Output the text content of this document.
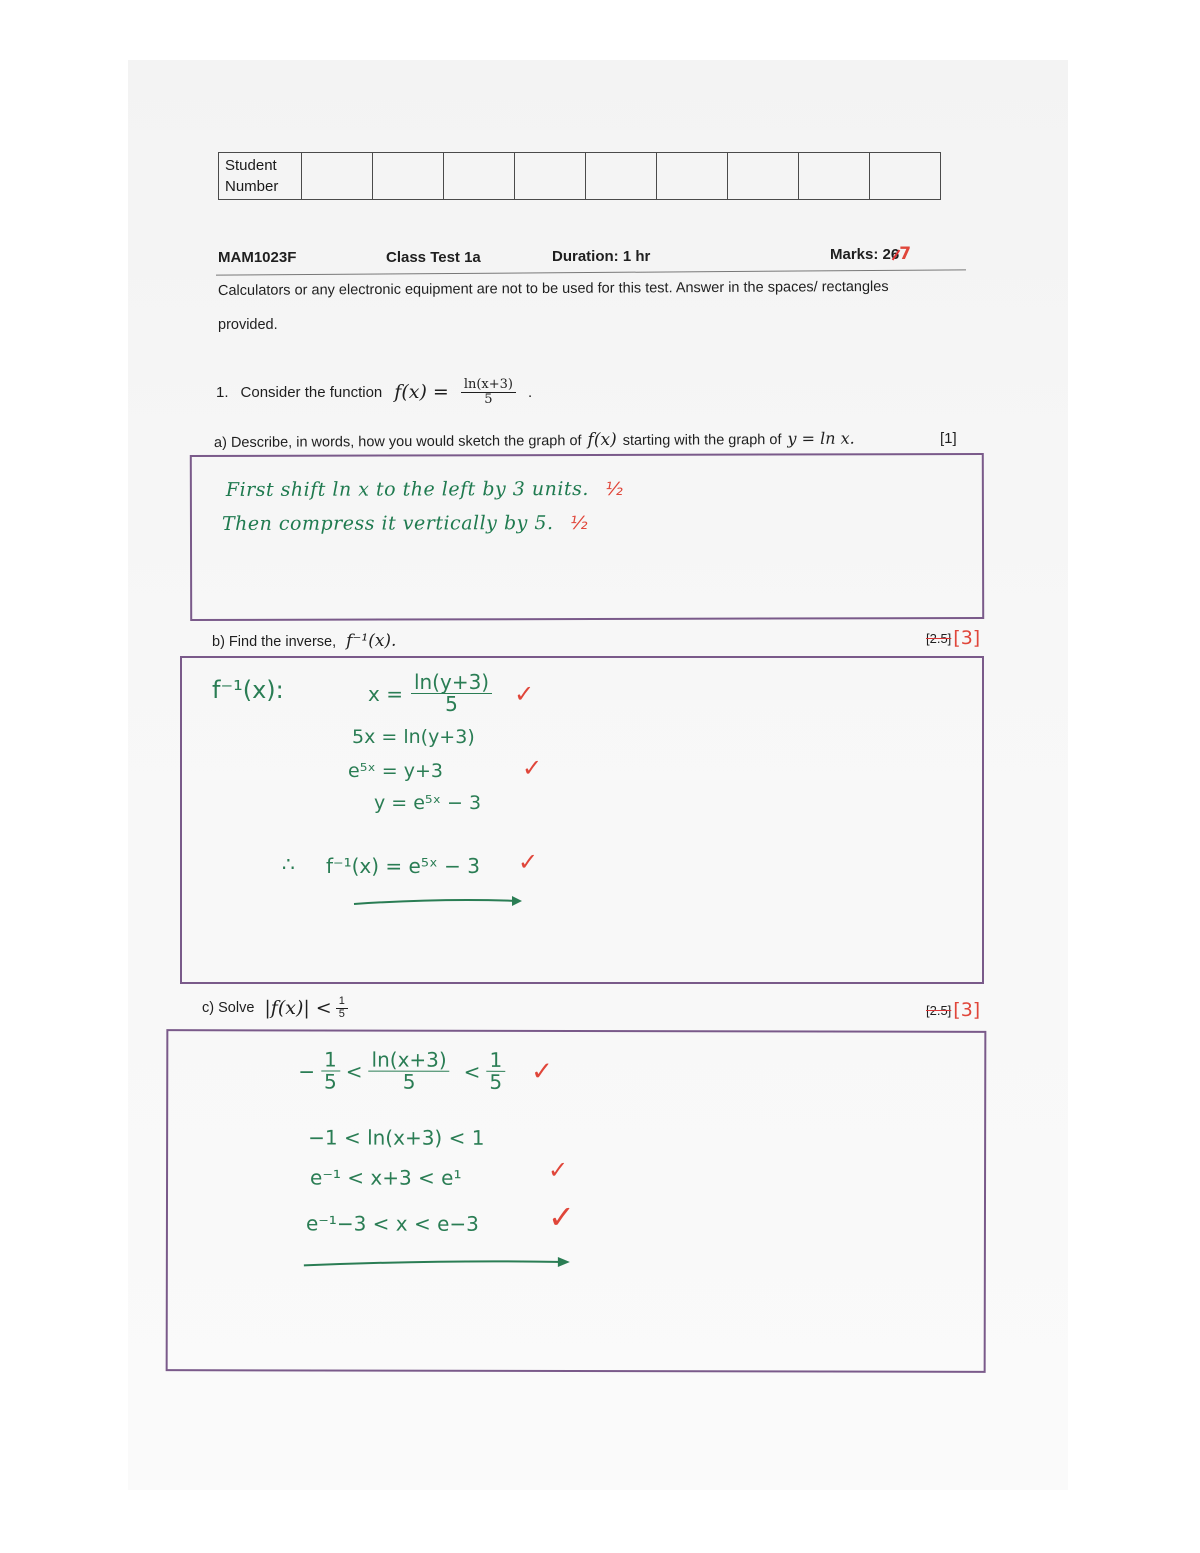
Student
Number

MAM1023F	Class Test 1a	Duration: 1 hr	Marks: 26
7
Calculators or any electronic equipment are not to be used for this test. Answer in the spaces/ rectangles
provided.
1. Consider the function $f(x) = \frac{\ln(x+3)}{5}$ .
a) Describe, in words, how you would sketch the graph of f(x) starting with the graph of y = ln x.	[1]
First shift ln x to the left by 3 units. ½
Then compress it vertically by 5. ½
b) Find the inverse, f⁻¹(x).	[2.5] [3]
f⁻¹(x):	$x = \frac{\ln(y+3)}{5}$ ✓
5x = ln(y+3)
e⁵ˣ = y+3	✓
y = e⁵ˣ − 3
∴ f⁻¹(x) = e⁵ˣ − 3 ✓
c) Solve $|f(x)| < \frac{1}{5}$	[2.5] [3]
− $\frac{1}{5} < \frac{\ln(x+3)}{5} < \frac{1}{5}$ ✓
−1 < ln(x+3) < 1
e⁻¹ < x+3 < e¹	✓
e⁻¹−3 < x < e−3 ✓
